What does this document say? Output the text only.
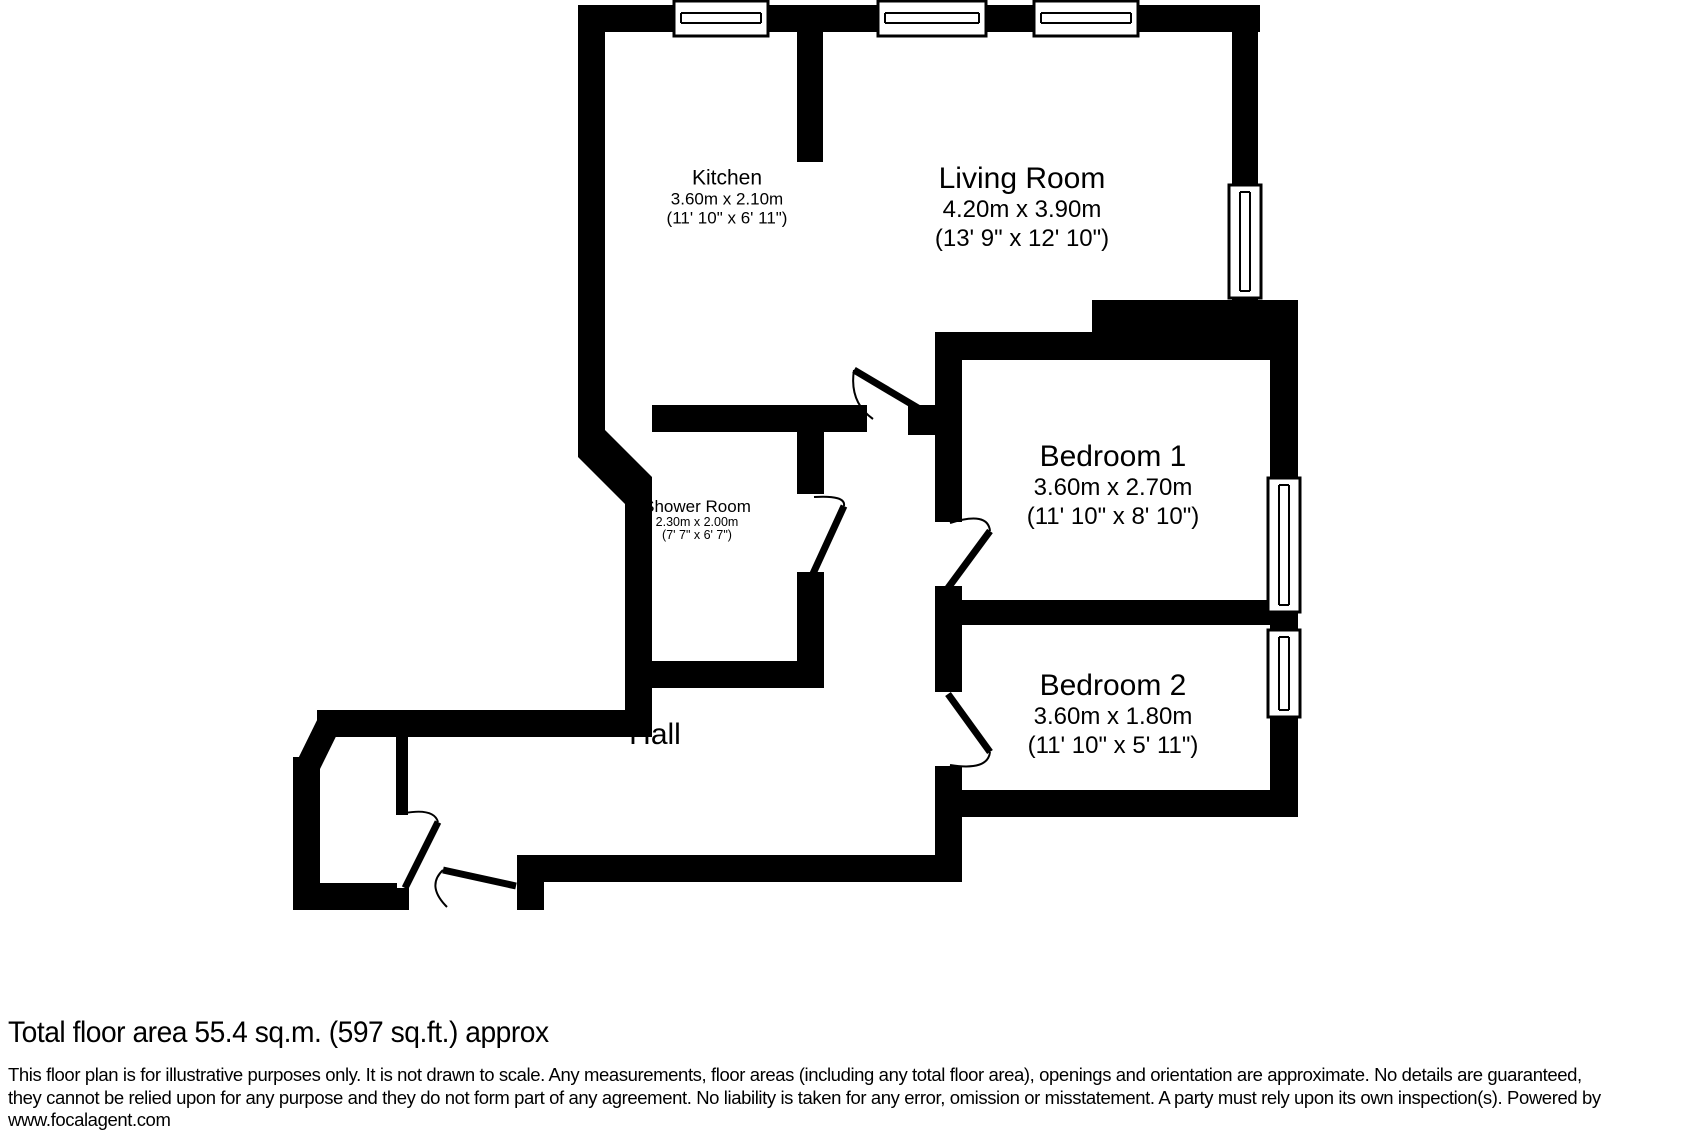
Kitchen
3.60m x 2.10m
(11' 10" x 6' 11")
Living Room
4.20m x 3.90m
(13' 9" x 12' 10")
Shower Room
2.30m x 2.00m
(7' 7" x 6' 7")
Bedroom 1
3.60m x 2.70m
(11' 10" x 8' 10")
Bedroom 2
3.60m x 1.80m
(11' 10" x 5' 11")
Hall
Total floor area 55.4 sq.m. (597 sq.ft.) approx
This floor plan is for illustrative purposes only. It is not drawn to scale. Any measurements, floor areas (including any total floor area), openings and orientation are approximate. No details are guaranteed,
they cannot be relied upon for any purpose and they do not form part of any agreement. No liability is taken for any error, omission or misstatement. A party must rely upon its own inspection(s). Powered by
www.focalagent.com
